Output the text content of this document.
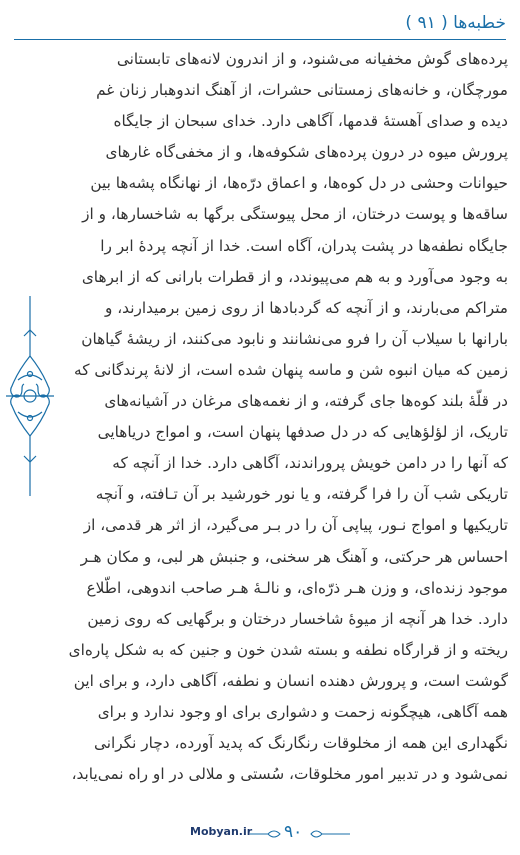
خطبه‌ها ( ۹۱ )
پرده‌های گوش مخفیانه می‌شنود، و از اندرون لانه‌های تابستانی
مورچگان، و خانه‌های زمستانی حشرات، از آهنگ اندوهبار زنان غم
دیده و صدای آهستهٔ قدمها، آگاهی دارد. خدای سبحان از جایگاه
پرورش میوه در درون پرده‌های شکوفه‌ها، و از مخفی‌گاه غارهای
حیوانات وحشی در دل کوه‌ها، و اعماق درّه‌ها، از نهانگاه پشه‌ها بین
ساقه‌ها و پوست درختان، از محل پیوستگی برگها به شاخسارها، و از
جایگاه نطفه‌ها در پشت پدران، آگاه است. خدا از آنچه پردهٔ ابر را
به وجود می‌آورد و به هم می‌پیوندد، و از قطرات بارانی که از ابرهای
متراکم می‌بارند، و از آنچه که گردبادها از روی زمین برمیدارند، و
بارانها با سیلاب آن را فرو می‌نشانند و نابود می‌کنند، از ریشهٔ گیاهان
زمین که میان انبوه شن و ماسه پنهان شده است، از لانهٔ پرندگانی که
در قلّهٔ بلند کوه‌ها جای گرفته، و از نغمه‌های مرغان در آشیانه‌های
تاریک، از لؤلؤهایی که در دل صدفها پنهان است، و امواج دریاهایی
که آنها را در دامن خویش پروراندند، آگاهی دارد. خدا از آنچه که
تاریکی شب آن را فرا گرفته، و یا نور خورشید بر آن تـافته، و آنچه
تاریکیها و امواج نـور، پیاپی آن را در بـر می‌گیرد، از اثر هر قدمی، از
احساس هر حرکتی، و آهنگ هر سخنی، و جنبش هر لبی، و مکان هـر
موجود زنده‌ای، و وزن هـر ذرّه‌ای، و نالـهٔ هـر صاحب اندوهی، اطّلاع
دارد. خدا هر آنچه از میوهٔ شاخسار درختان و برگهایی که روی زمین
ریخته و از قرارگاه نطفه و بسته شدن خون و جنین که به شکل پاره‌ای
گوشت است، و پرورش دهنده انسان و نطفه، آگاهی دارد، و برای این
همه آگاهی، هیچگونه زحمت و دشواری برای او وجود ندارد و برای
نگهداری این همه از مخلوقات رنگارنگ که پدید آورده، دچار نگرانی
نمی‌شود و در تدبیر امور مخلوقات، سُستی و ملالی در او راه نمی‌یابد،
Mobyan.ir ۹۰
